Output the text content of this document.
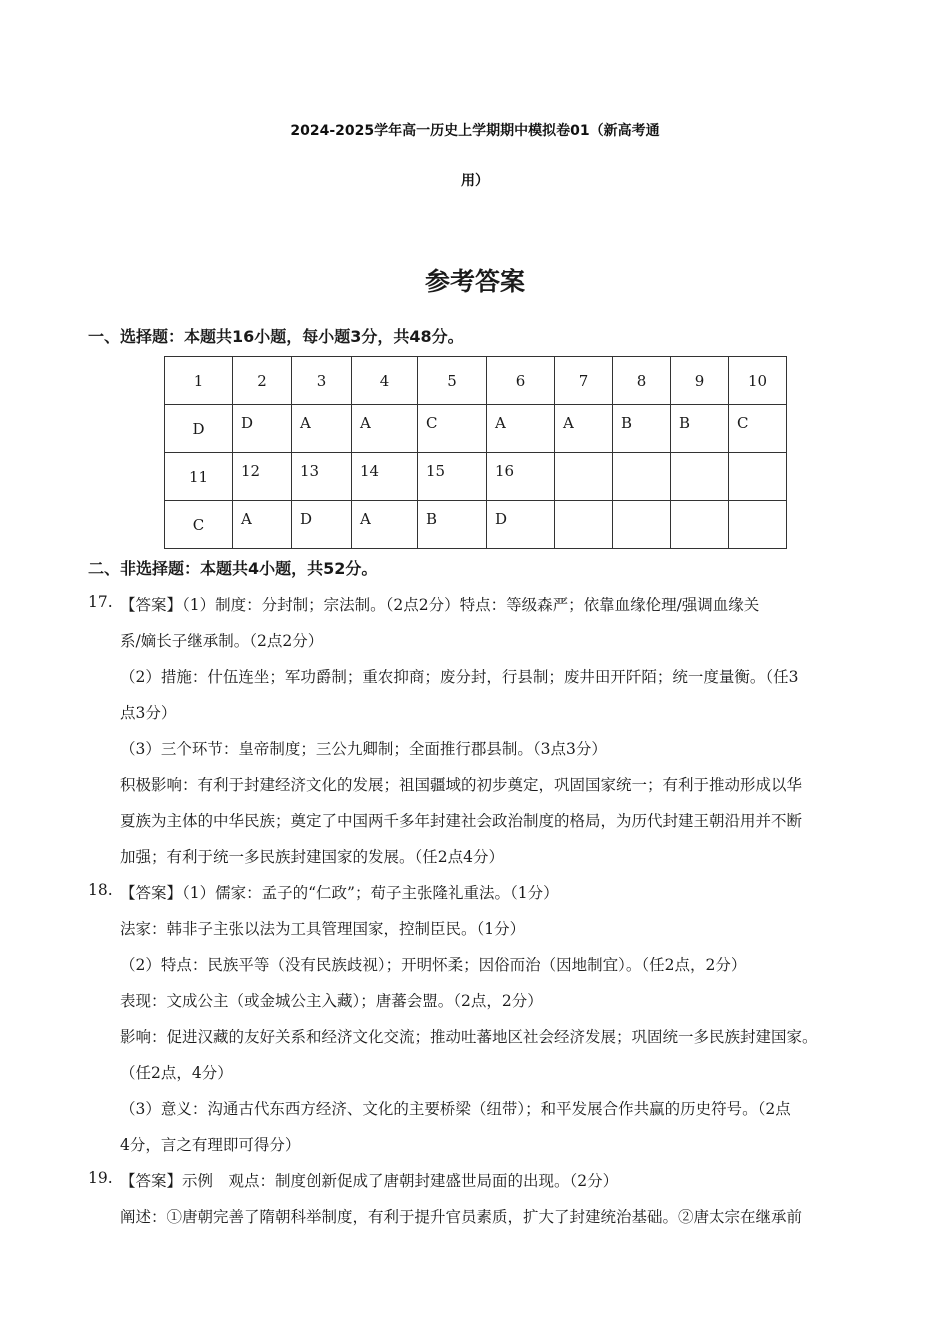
2024-2025学年高一历史上学期期中模拟卷01（新高考通
用）
参考答案
一、选择题：本题共16小题，每小题3分，共48分。
1	2	3	4	5	6	7	8	9	10
D	D	A	A	C	A	A	B	B	C
11	12	13	14	15	16				
C	A	D	A	B	D				
二、非选择题：本题共4小题，共52分。
17. 【答案】（1）制度：分封制；宗法制。（2点2分）特点：等级森严；依靠血缘伦理/强调血缘关
系/嫡长子继承制。（2点2分）
（2）措施：什伍连坐；军功爵制；重农抑商；废分封，行县制；废井田开阡陌；统一度量衡。（任3
点3分）
（3）三个环节：皇帝制度；三公九卿制；全面推行郡县制。（3点3分）
积极影响：有利于封建经济文化的发展；祖国疆域的初步奠定，巩固国家统一；有利于推动形成以华
夏族为主体的中华民族；奠定了中国两千多年封建社会政治制度的格局，为历代封建王朝沿用并不断
加强；有利于统一多民族封建国家的发展。（任2点4分）
18. 【答案】（1）儒家：孟子的“仁政”；荀子主张隆礼重法。（1分）
法家：韩非子主张以法为工具管理国家，控制臣民。（1分）
（2）特点：民族平等（没有民族歧视）；开明怀柔；因俗而治（因地制宜）。（任2点，2分）
表现：文成公主（或金城公主入藏）；唐蕃会盟。（2点，2分）
影响：促进汉藏的友好关系和经济文化交流；推动吐蕃地区社会经济发展；巩固统一多民族封建国家。
（任2点，4分）
（3）意义：沟通古代东西方经济、文化的主要桥梁（纽带）；和平发展合作共赢的历史符号。（2点
4分，言之有理即可得分）
19. 【答案】示例　观点：制度创新促成了唐朝封建盛世局面的出现。（2分）
阐述：①唐朝完善了隋朝科举制度，有利于提升官员素质，扩大了封建统治基础。②唐太宗在继承前
